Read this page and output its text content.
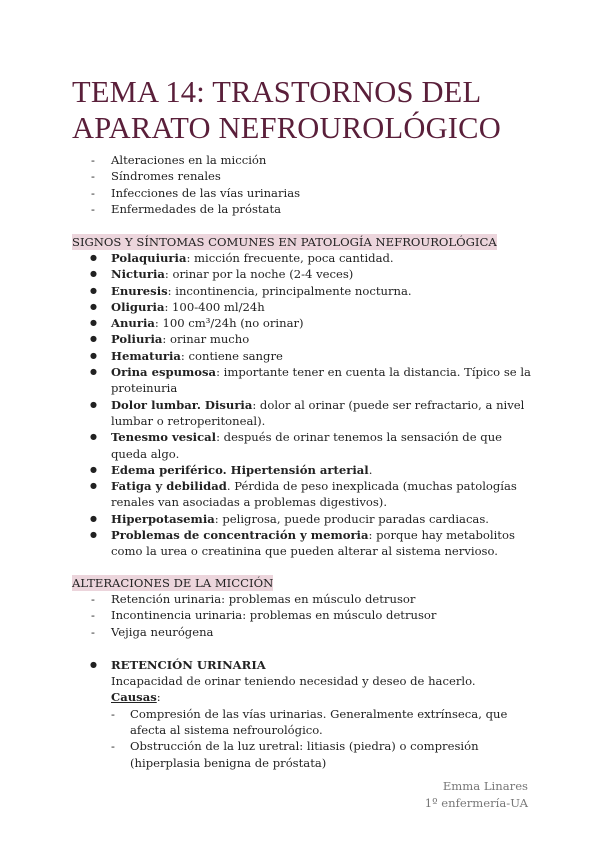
TEMA 14: TRASTORNOS DEL
APARATO NEFROUROLÓGICO
- Alteraciones en la micción
- Síndromes renales
- Infecciones de las vías urinarias
- Enfermedades de la próstata
SIGNOS Y SÍNTOMAS COMUNES EN PATOLOGÍA NEFROUROLÓGICA
● Polaquiuria: micción frecuente, poca cantidad.
● Nicturia: orinar por la noche (2-4 veces)
● Enuresis: incontinencia, principalmente nocturna.
● Oliguria: 100-400 ml/24h
● Anuria: 100 cm³/24h (no orinar)
● Poliuria: orinar mucho
● Hematuria: contiene sangre
● Orina espumosa: importante tener en cuenta la distancia. Típico se la proteinuria
● Dolor lumbar. Disuria: dolor al orinar (puede ser refractario, a nivel lumbar o retroperitoneal).
● Tenesmo vesical: después de orinar tenemos la sensación de que queda algo.
● Edema periférico. Hipertensión arterial.
● Fatiga y debilidad. Pérdida de peso inexplicada (muchas patologías renales van asociadas a problemas digestivos).
● Hiperpotasemia: peligrosa, puede producir paradas cardiacas.
● Problemas de concentración y memoria: porque hay metabolitos como la urea o creatinina que pueden alterar al sistema nervioso.
ALTERACIONES DE LA MICCIÓN
- Retención urinaria: problemas en músculo detrusor
- Incontinencia urinaria: problemas en músculo detrusor
- Vejiga neurógena
● RETENCIÓN URINARIA
Incapacidad de orinar teniendo necesidad y deseo de hacerlo.
Causas:
- Compresión de las vías urinarias. Generalmente extrínseca, que afecta al sistema nefrourológico.
- Obstrucción de la luz uretral: litiasis (piedra) o compresión (hiperplasia benigna de próstata)
Emma Linares
1º enfermería-UA
